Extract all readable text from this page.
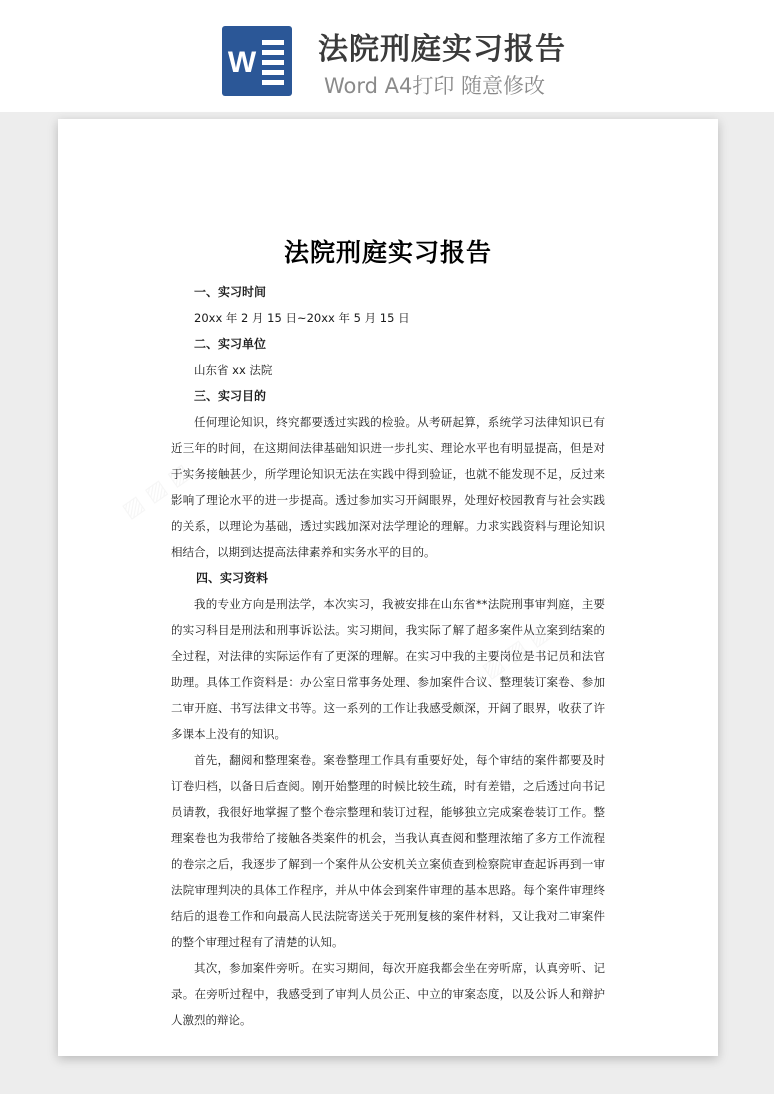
W 法院刑庭实习报告
Word A4打印 随意修改
法院刑庭实习报告

一、实习时间

20xx 年 2 月 15 日~20xx 年 5 月 15 日

二、实习单位

山东省 xx 法院

三、实习目的

任何理论知识，终究都要透过实践的检验。从考研起算，系统学习法律知识已有近三年的时间，在这期间法律基础知识进一步扎实、理论水平也有明显提高，但是对于实务接触甚少，所学理论知识无法在实践中得到验证，也就不能发现不足，反过来影响了理论水平的进一步提高。透过参加实习开阔眼界，处理好校园教育与社会实践的关系，以理论为基础，透过实践加深对法学理论的理解。力求实践资料与理论知识相结合，以期到达提高法律素养和实务水平的目的。

四、实习资料

我的专业方向是刑法学，本次实习，我被安排在山东省**法院刑事审判庭，主要的实习科目是刑法和刑事诉讼法。实习期间，我实际了解了超多案件从立案到结案的全过程，对法律的实际运作有了更深的理解。在实习中我的主要岗位是书记员和法官助理。具体工作资料是：办公室日常事务处理、参加案件合议、整理装订案卷、参加二审开庭、书写法律文书等。这一系列的工作让我感受颇深，开阔了眼界，收获了许多课本上没有的知识。

首先，翻阅和整理案卷。案卷整理工作具有重要好处，每个审结的案件都要及时订卷归档，以备日后查阅。刚开始整理的时候比较生疏，时有差错，之后透过向书记员请教，我很好地掌握了整个卷宗整理和装订过程，能够独立完成案卷装订工作。整理案卷也为我带给了接触各类案件的机会，当我认真查阅和整理浓缩了多方工作流程的卷宗之后，我逐步了解到一个案件从公安机关立案侦查到检察院审查起诉再到一审法院审理判决的具体工作程序，并从中体会到案件审理的基本思路。每个案件审理终结后的退卷工作和向最高人民法院寄送关于死刑复核的案件材料，又让我对二审案件的整个审理过程有了清楚的认知。

其次，参加案件旁听。在实习期间，每次开庭我都会坐在旁听席，认真旁听、记录。在旁听过程中，我感受到了审判人员公正、中立的审案态度，以及公诉人和辩护人激烈的辩论。
